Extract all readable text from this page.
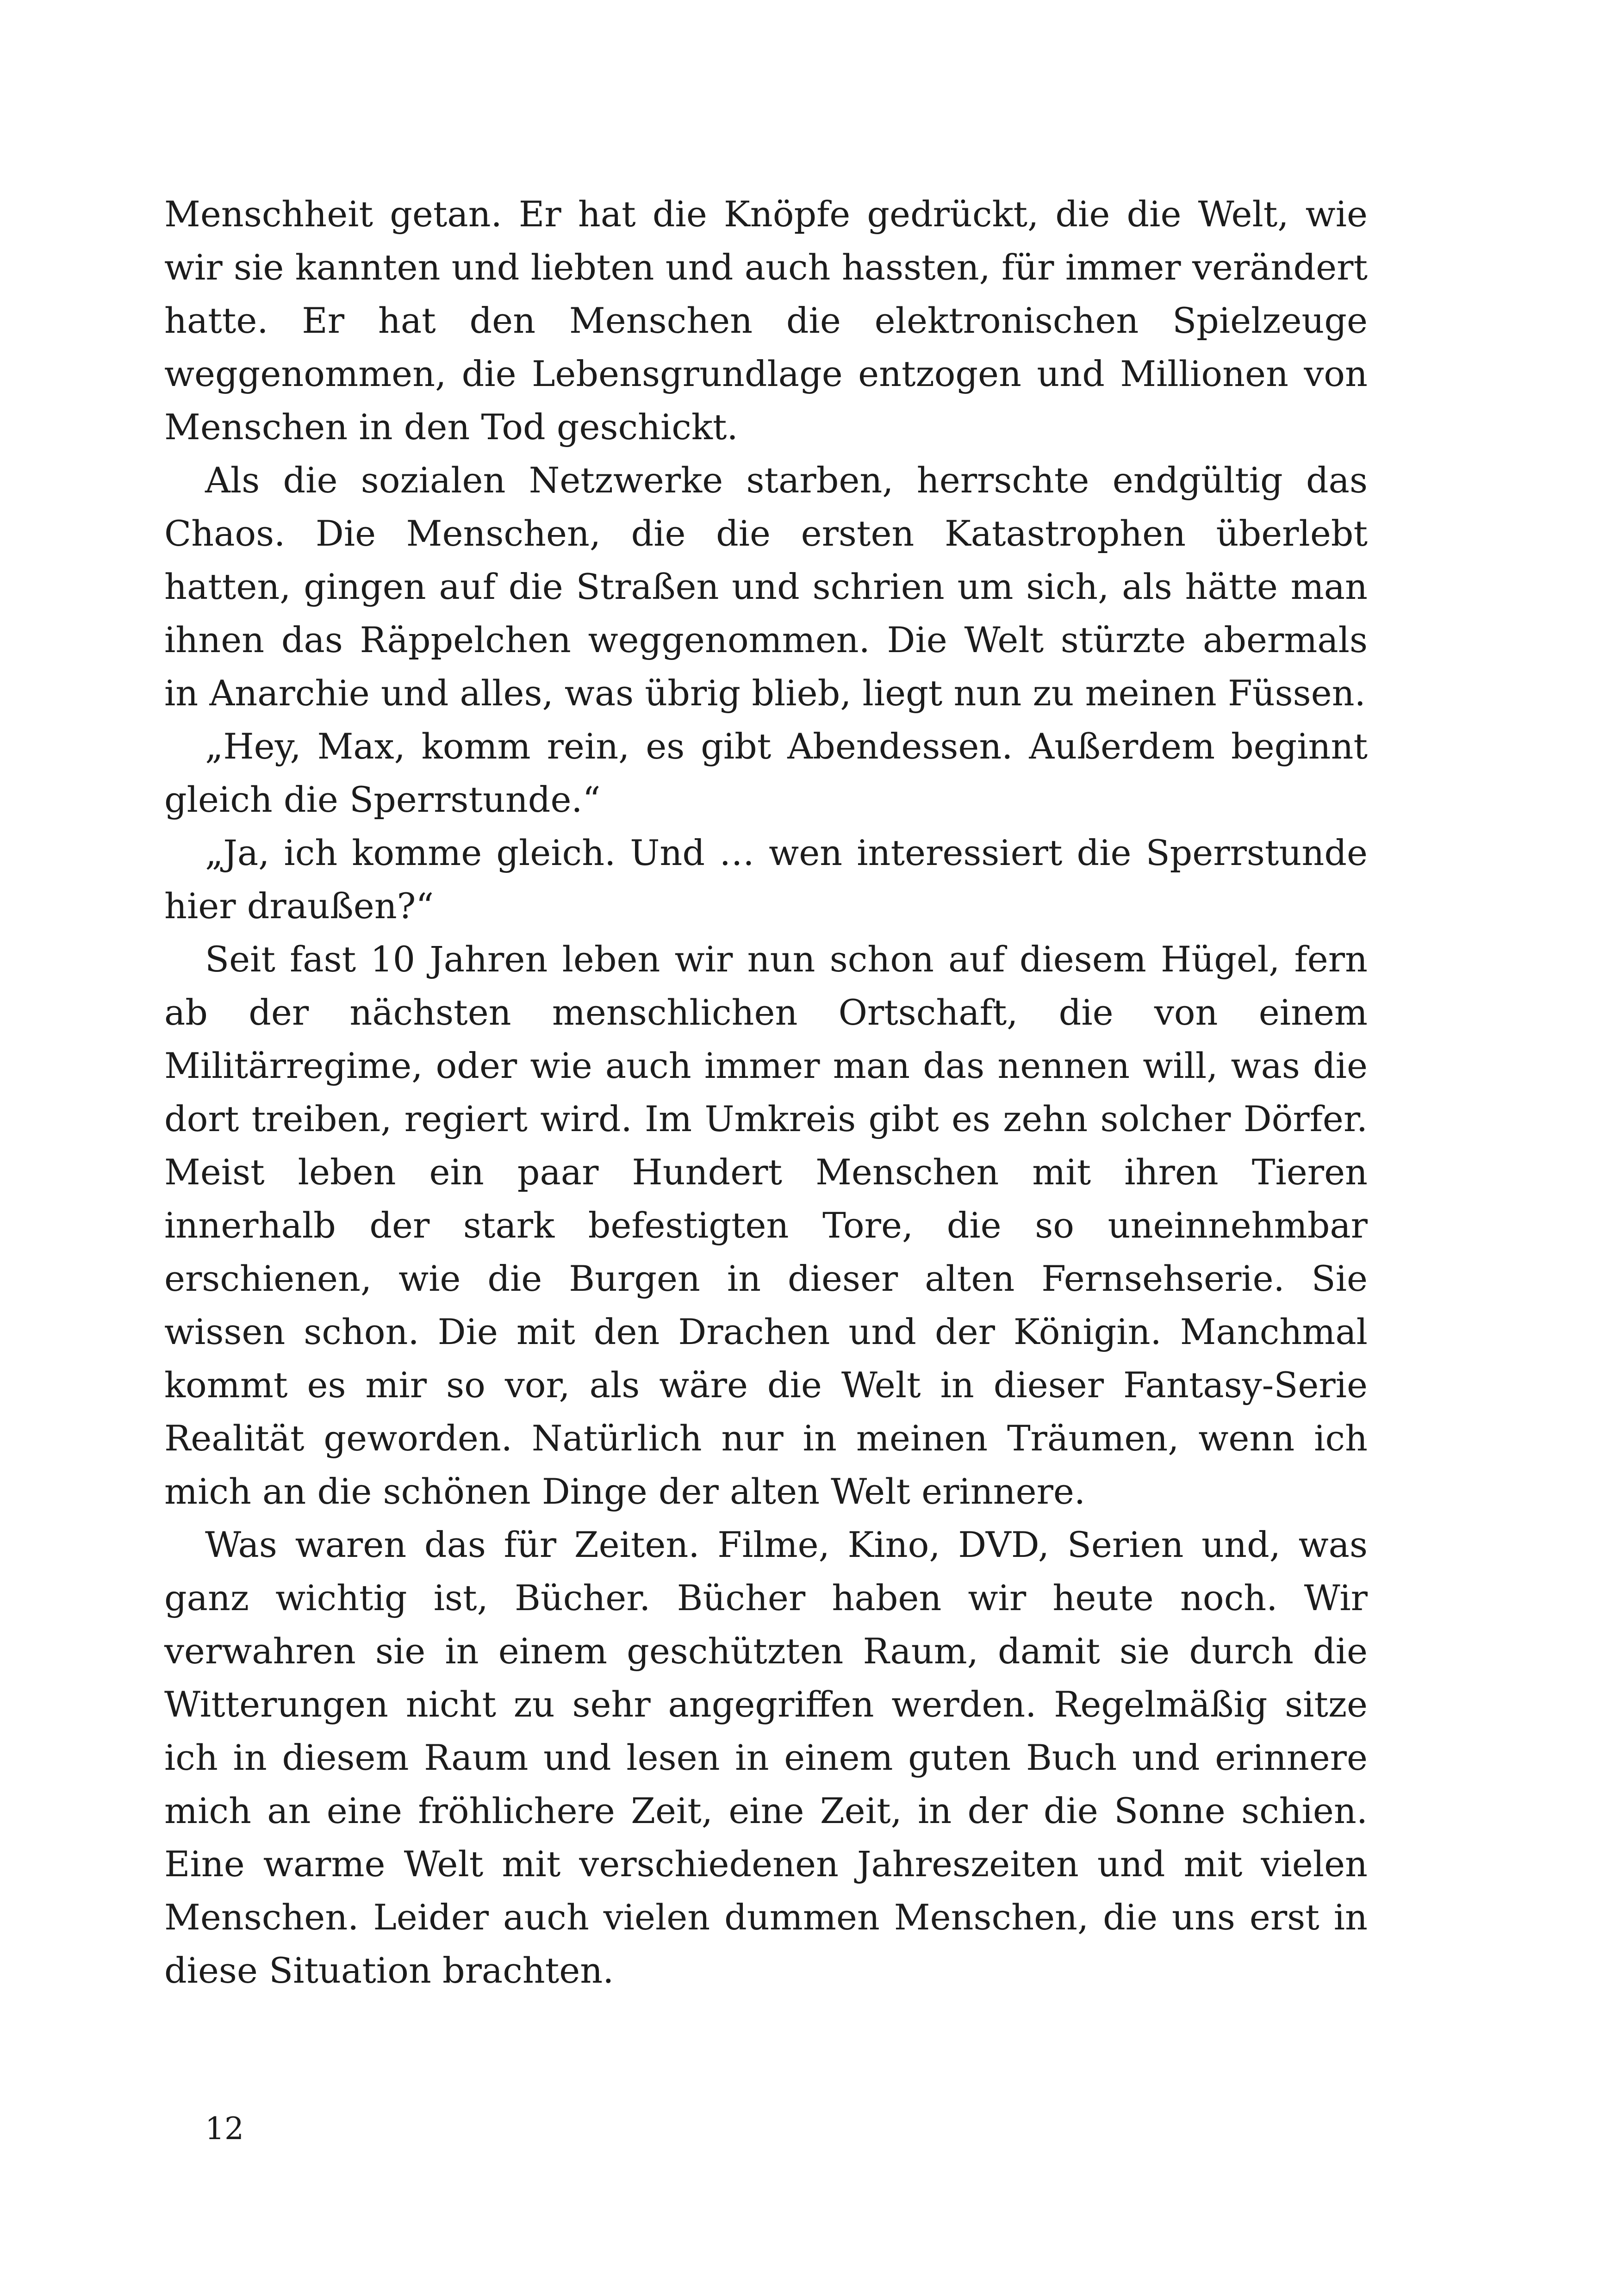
Menschheit getan. Er hat die Knöpfe gedrückt, die die Welt, wie wir sie kannten und liebten und auch hassten, für immer verändert hatte. Er hat den Menschen die elektronischen Spielzeuge weggenommen, die Lebensgrundlage entzogen und Millionen von Menschen in den Tod geschickt.

Als die sozialen Netzwerke starben, herrschte endgültig das Chaos. Die Menschen, die die ersten Katastrophen überlebt hatten, gingen auf die Straßen und schrien um sich, als hätte man ihnen das Räppelchen weggenommen. Die Welt stürzte abermals in Anarchie und alles, was übrig blieb, liegt nun zu meinen Füssen.

„Hey, Max, komm rein, es gibt Abendessen. Außerdem beginnt gleich die Sperrstunde.“

„Ja, ich komme gleich. Und … wen interessiert die Sperrstunde hier draußen?“

Seit fast 10 Jahren leben wir nun schon auf diesem Hügel, fern ab der nächsten menschlichen Ortschaft, die von einem Militärregime, oder wie auch immer man das nennen will, was die dort treiben, regiert wird. Im Umkreis gibt es zehn solcher Dörfer. Meist leben ein paar Hundert Menschen mit ihren Tieren innerhalb der stark befestigten Tore, die so uneinnehmbar erschienen, wie die Burgen in dieser alten Fernsehserie. Sie wissen schon. Die mit den Drachen und der Königin. Manchmal kommt es mir so vor, als wäre die Welt in dieser Fantasy-Serie Realität geworden. Natürlich nur in meinen Träumen, wenn ich mich an die schönen Dinge der alten Welt erinnere.

Was waren das für Zeiten. Filme, Kino, DVD, Serien und, was ganz wichtig ist, Bücher. Bücher haben wir heute noch. Wir verwahren sie in einem geschützten Raum, damit sie durch die Witterungen nicht zu sehr angegriffen werden. Regelmäßig sitze ich in diesem Raum und lesen in einem guten Buch und erinnere mich an eine fröhlichere Zeit, eine Zeit, in der die Sonne schien. Eine warme Welt mit verschiedenen Jahreszeiten und mit vielen Menschen. Leider auch vielen dummen Menschen, die uns erst in diese Situation brachten.

12
